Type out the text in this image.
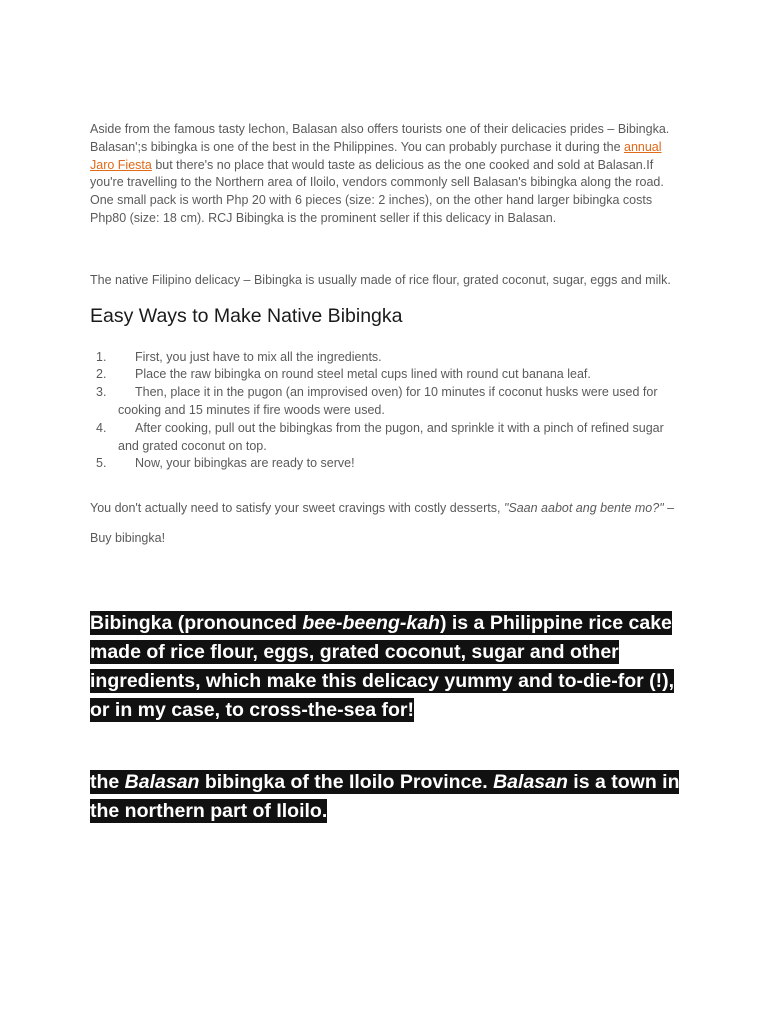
Aside from the famous tasty lechon, Balasan also offers tourists one of their delicacies prides – Bibingka. Balasan';s bibingka is one of the best in the Philippines. You can probably purchase it during the annual Jaro Fiesta but there's no place that would taste as delicious as the one cooked and sold at Balasan.If you're travelling to the Northern area of Iloilo, vendors commonly sell Balasan's bibingka along the road. One small pack is worth Php 20 with 6 pieces (size: 2 inches), on the other hand larger bibingka costs Php80 (size: 18 cm). RCJ Bibingka is the prominent seller if this delicacy in Balasan.

The native Filipino delicacy – Bibingka is usually made of rice flour, grated coconut, sugar, eggs and milk.

Easy Ways to Make Native Bibingka
1. First, you just have to mix all the ingredients.
2. Place the raw bibingka on round steel metal cups lined with round cut banana leaf.
3. Then, place it in the pugon (an improvised oven) for 10 minutes if coconut husks were used for cooking and 15 minutes if fire woods were used.
4. After cooking, pull out the bibingkas from the pugon, and sprinkle it with a pinch of refined sugar and grated coconut on top.
5. Now, your bibingkas are ready to serve!

You don't actually need to satisfy your sweet cravings with costly desserts, "Saan aabot ang bente mo?" – Buy bibingka!

Bibingka (pronounced bee-beeng-kah) is a Philippine rice cake made of rice flour, eggs, grated coconut, sugar and other ingredients, which make this delicacy yummy and to-die-for (!), or in my case, to cross-the-sea for!

the Balasan bibingka of the Iloilo Province. Balasan is a town in the northern part of Iloilo.
